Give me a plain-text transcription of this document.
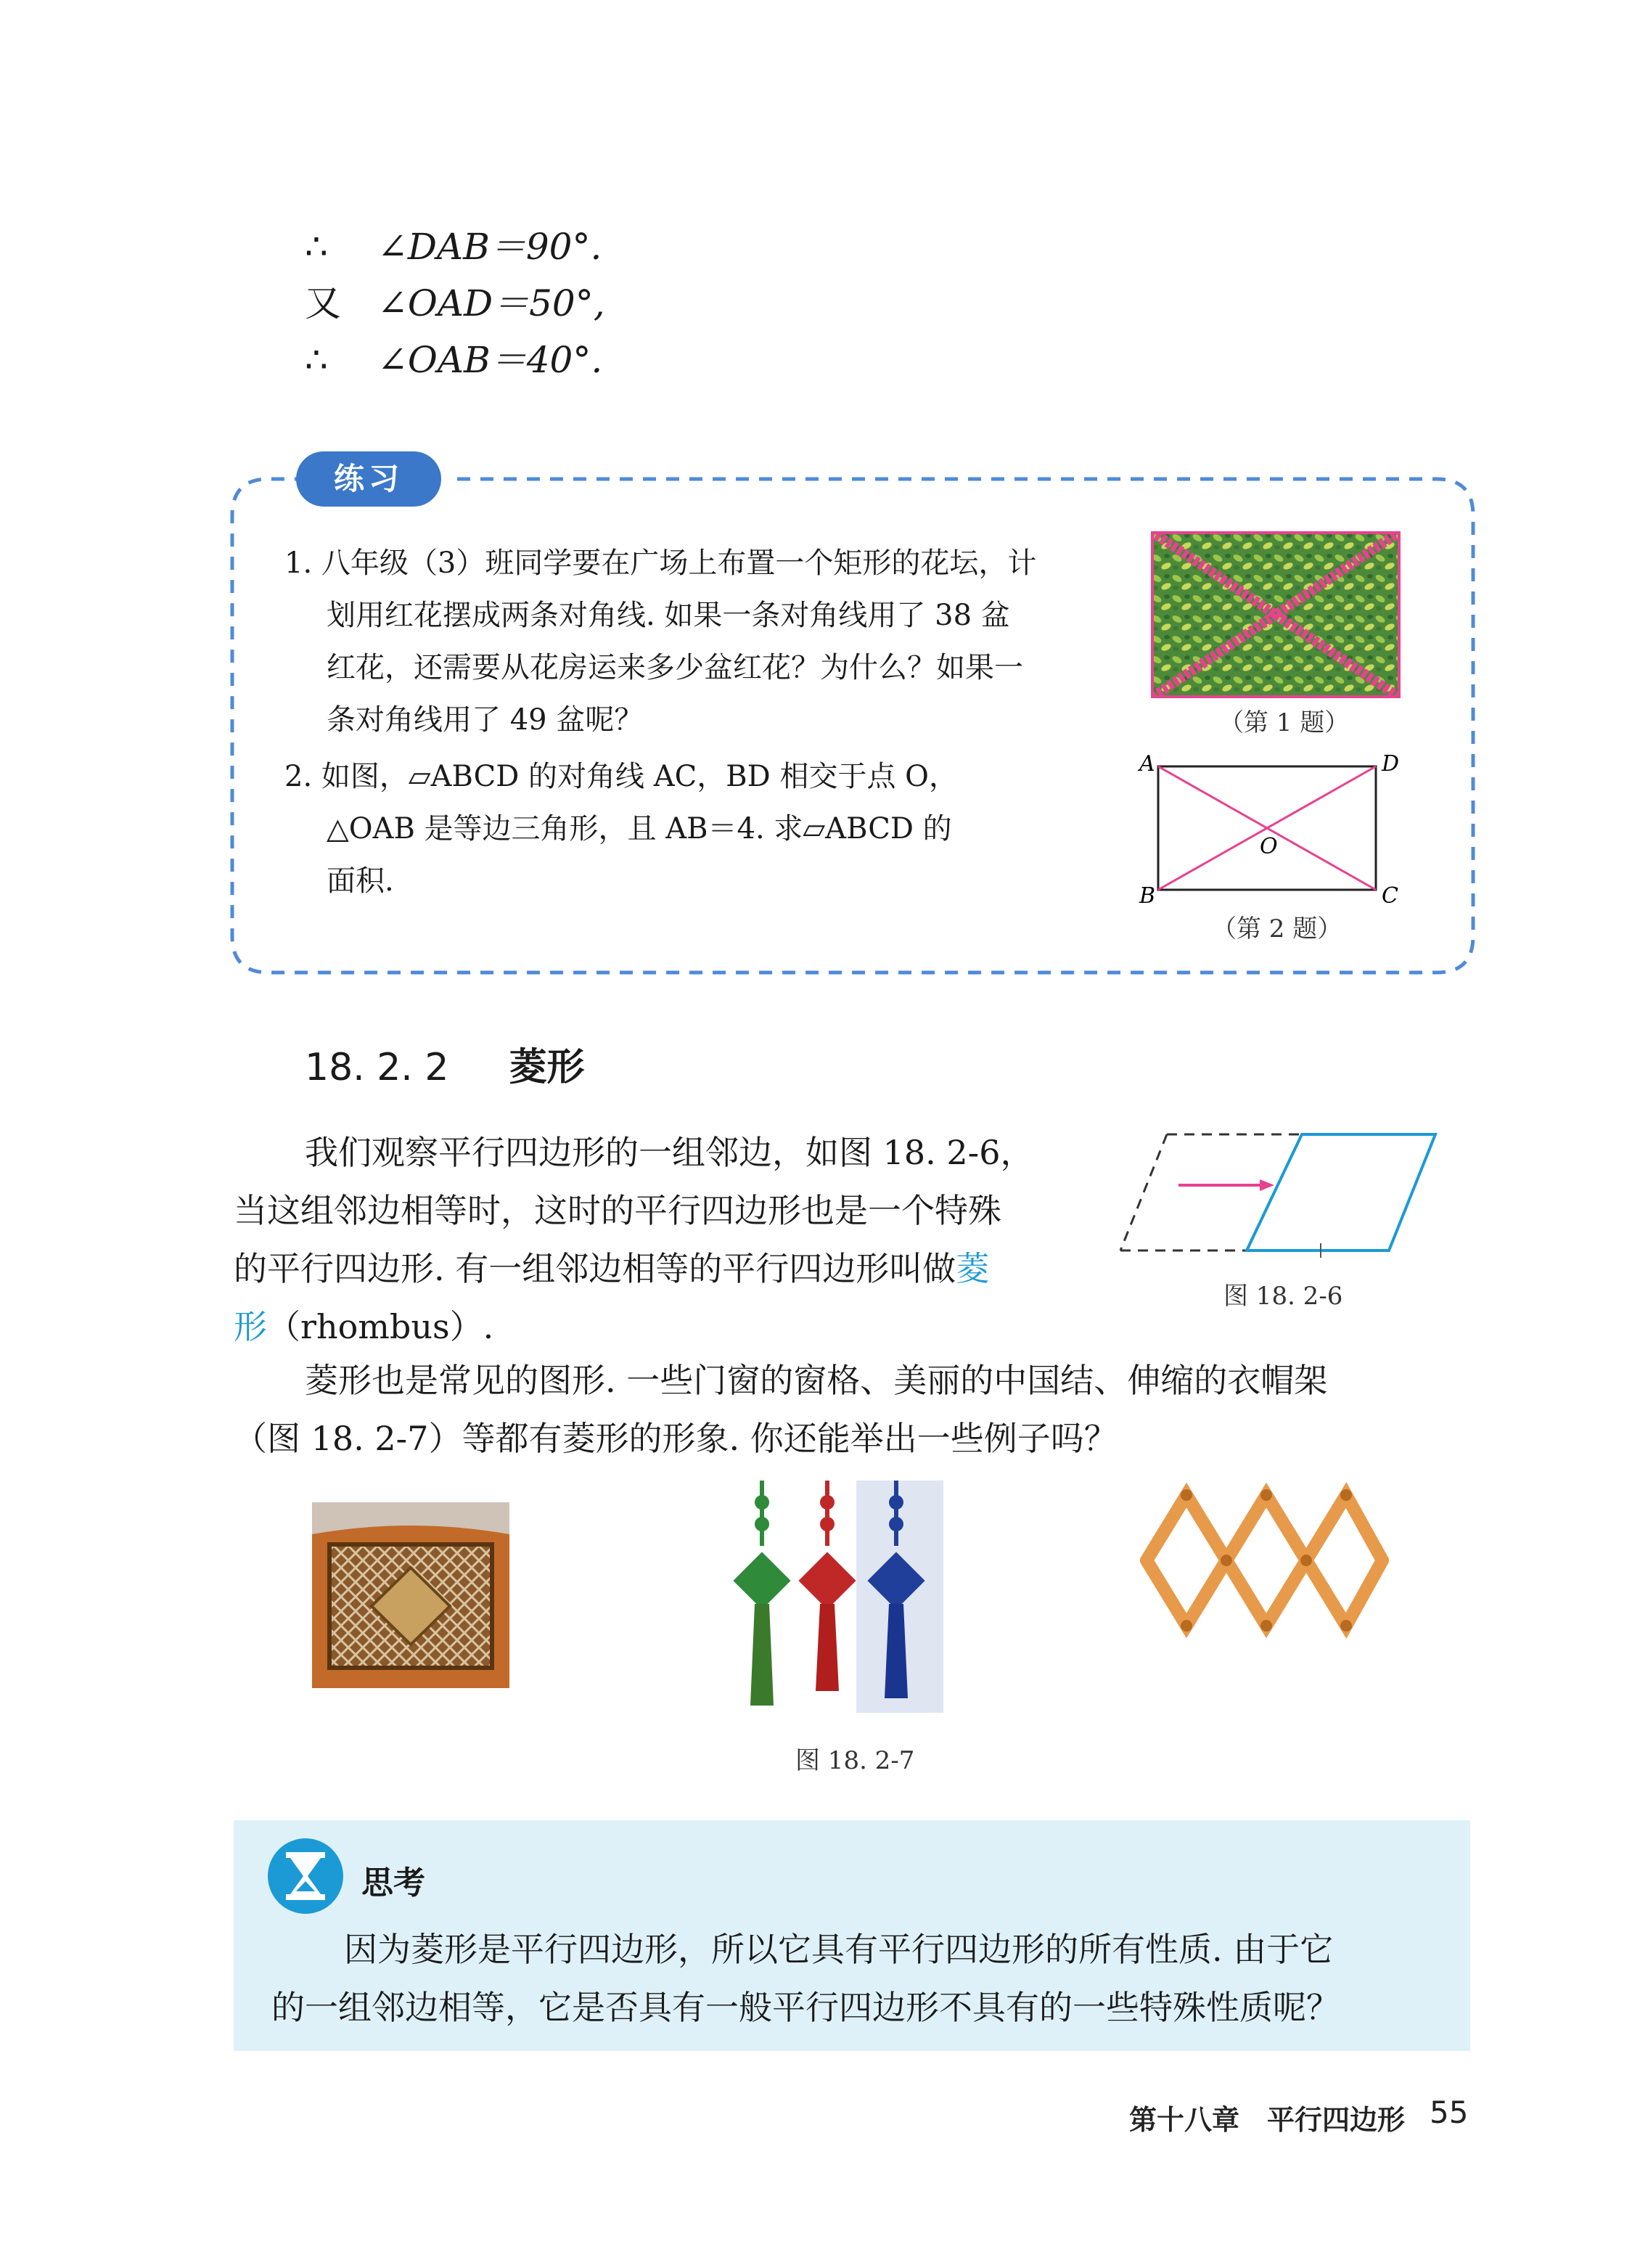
∴ ∠DAB＝90°.
又 ∠OAD＝50°,
∴ ∠OAB＝40°.
练习
1. 八年级（3）班同学要在广场上布置一个矩形的花坛，计
划用红花摆成两条对角线. 如果一条对角线用了 38 盆
红花，还需要从花房运来多少盆红花？为什么？如果一
条对角线用了 49 盆呢？	（第 1 题）
2. 如图，▱ABCD 的对角线 AC，BD 相交于点 O，
△OAB 是等边三角形，且 AB＝4. 求▱ABCD 的
面积.
A	D
B	C
O
（第 2 题）
18. 2. 2 菱形
我们观察平行四边形的一组邻边，如图 18. 2-6，
当这组邻边相等时，这时的平行四边形也是一个特殊
的平行四边形. 有一组邻边相等的平行四边形叫做菱
形（rhombus）.
图 18. 2-6
菱形也是常见的图形. 一些门窗的窗格、美丽的中国结、伸缩的衣帽架
（图 18. 2-7）等都有菱形的形象. 你还能举出一些例子吗？
图 18. 2-7
思考
因为菱形是平行四边形，所以它具有平行四边形的所有性质. 由于它
的一组邻边相等，它是否具有一般平行四边形不具有的一些特殊性质呢？
第十八章　平行四边形 55
